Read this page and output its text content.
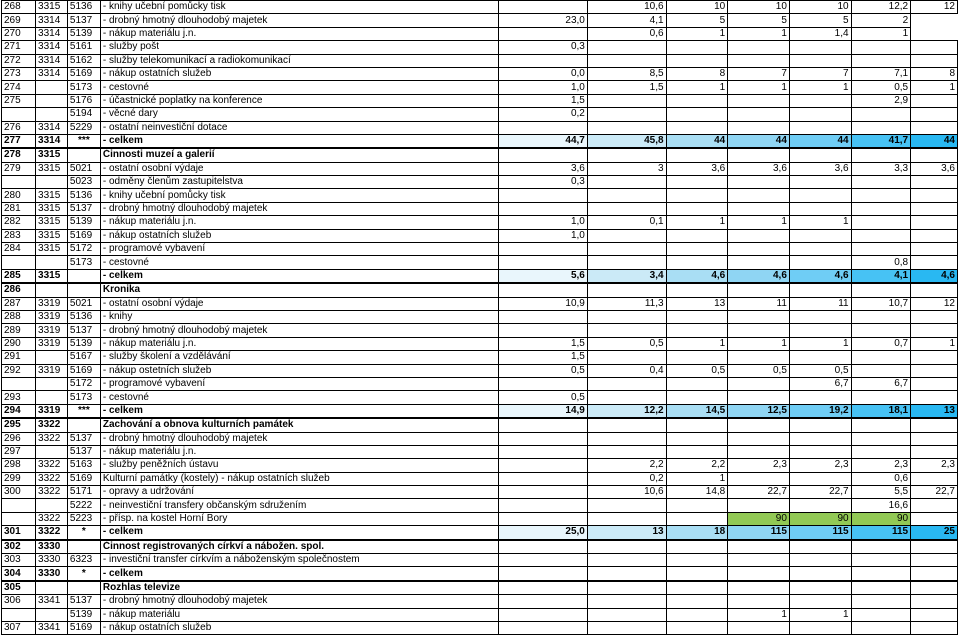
268	3315	5136	- knihy učební pomůcky tisk		10,6	10	10	10	12,2	12
269	3314	5137	- drobný hmotný dlouhodobý majetek	23,0	4,1	5	5	5	2	
270	3314	5139	- nákup materiálu j.n.		0,6	1	1	1,4	1	
271	3314	5161	- služby pošt	0,3						
272	3314	5162	- služby telekomunikací a radiokomunikací							
273	3314	5169	- nákup ostatních služeb	0,0	8,5	8	7	7	7,1	8
274		5173	- cestovné	1,0	1,5	1	1	1	0,5	1
275		5176	- účastnické poplatky na konference	1,5					2,9	
		5194	- věcné dary	0,2						
276	3314	5229	- ostatní neinvestiční dotace							
277	3314	***	- celkem	44,7	45,8	44	44	44	41,7	44
278	3315		Činnosti muzeí a galerií							
279	3315	5021	- ostatní osobní výdaje	3,6	3	3,6	3,6	3,6	3,3	3,6
		5023	- odměny členům zastupitelstva	0,3						
280	3315	5136	- knihy učební pomůcky tisk							
281	3315	5137	- drobný hmotný dlouhodobý majetek							
282	3315	5139	- nákup materiálu j.n.	1,0	0,1	1	1	1		
283	3315	5169	- nákup ostatních služeb	1,0						
284	3315	5172	- programové vybavení							
		5173	- cestovné						0,8	
285	3315		- celkem	5,6	3,4	4,6	4,6	4,6	4,1	4,6
286			Kronika							
287	3319	5021	- ostatní osobní výdaje	10,9	11,3	13	11	11	10,7	12
288	3319	5136	- knihy							
289	3319	5137	- drobný hmotný dlouhodobý majetek							
290	3319	5139	- nákup materiálu j.n.	1,5	0,5	1	1	1	0,7	1
291		5167	- služby školení a vzdělávání	1,5						
292	3319	5169	- nákup ostetních služeb	0,5	0,4	0,5	0,5	0,5		
		5172	- programové vybavení					6,7	6,7	
293		5173	- cestovné	0,5						
294	3319	***	- celkem	14,9	12,2	14,5	12,5	19,2	18,1	13
295	3322		Zachování a obnova kulturních památek							
296	3322	5137	- drobný hmotný dlouhodobý majetek							
297		5137	- nákup materiálu j.n.							
298	3322	5163	- služby peněžních ústavu		2,2	2,2	2,3	2,3	2,3	2,3
299	3322	5169	Kulturní památky (kostely) - nákup ostatních služeb		0,2	1			0,6	
300	3322	5171	- opravy a udržování		10,6	14,8	22,7	22,7	5,5	22,7
		5222	- neinvestiční transfery občanským sdružením						16,6	
	3322	5223	- přísp. na kostel Horní Bory				90	90	90	
301	3322	*	- celkem	25,0	13	18	115	115	115	25
302	3330		Činnost registrovaných církví a nábožen. spol.							
303	3330	6323	- investiční transfer církvím a náboženským společnostem							
304	3330	*	- celkem							
305			Rozhlas televize							
306	3341	5137	- drobný hmotný dlouhodobý majetek							
		5139	- nákup materiálu				1	1		
307	3341	5169	- nákup ostatních služeb							
